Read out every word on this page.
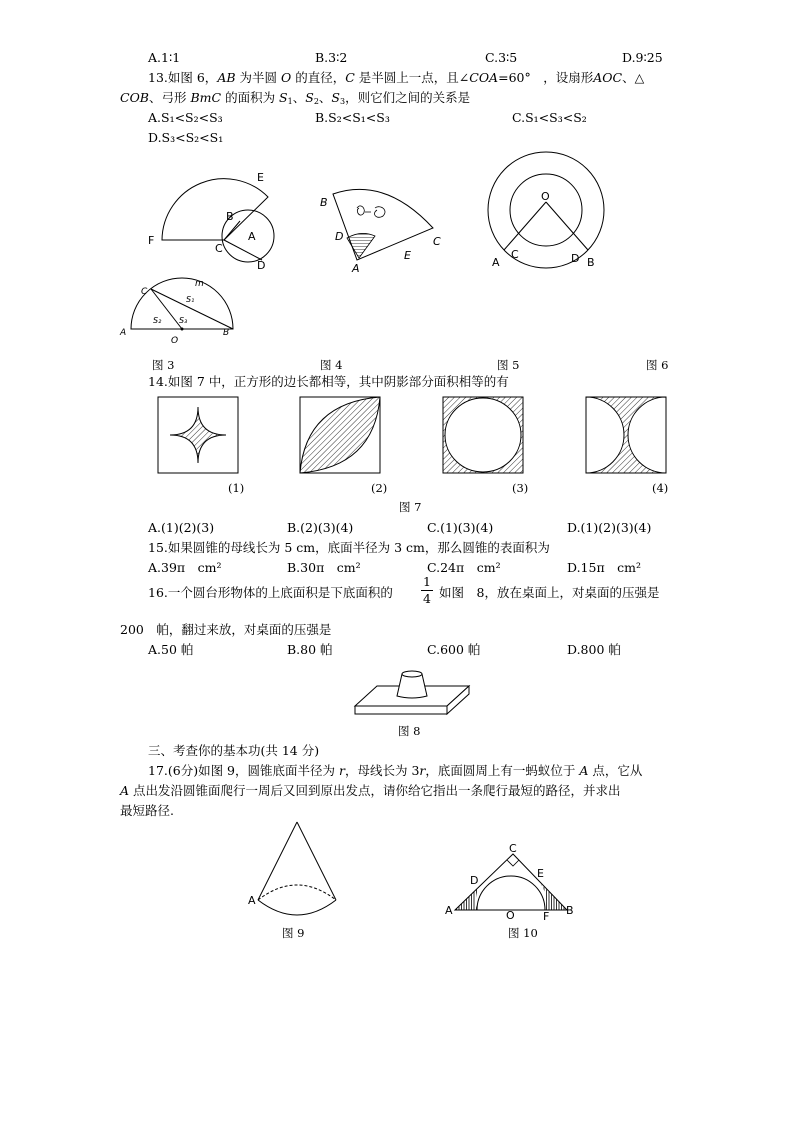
A.1∶1	B.3∶2	C.3∶5	D.9∶25
13.如图 6，AB 为半圆 O 的直径，C 是半圆上一点，且∠COA=60°　，设扇形AOC、△
COB、弓形 BmC 的面积为 $S_1$、$S_2$、$S_3$，则它们之间的关系是
A.S₁<S₂<S₃	B.S₂<S₁<S₃	C.S₁<S₃<S₂
D.S₃<S₂<S₁
E
B
F
C
A
D
B
D
A
E
C
O
A
C	D B
m
C
S₁
S₂ S₃
A
O
B
图 3	图 4	图 5	图 6
14.如图 7 中，正方形的边长都相等，其中阴影部分面积相等的有
(1)	(2)	(3)	(4)
图 7
A.(1)(2)(3)	B.(2)(3)(4)	C.(1)(3)(4)	D.(1)(2)(3)(4)
15.如果圆锥的母线长为 5 cm，底面半径为 3 cm，那么圆锥的表面积为
A.39π　cm²	B.30π　cm²	C.24π　cm²	D.15π　cm²
16.一个圆台形物体的上底面积是下底面积的
1
4 如图　8，放在桌面上，对桌面的压强是
200　帕，翻过来放，对桌面的压强是
A.50 帕	B.80 帕	C.600 帕	D.800 帕
图 8
三、考查你的基本功(共 14 分)
17.(6分)如图 9，圆锥底面半径为 r，母线长为 3r，底面圆周上有一蚂蚁位于 A 点，它从
A 点出发沿圆锥面爬行一周后又回到原出发点，请你给它指出一条爬行最短的路径，并求出
最短路径.
A
图 9
C
D
E
A	O	F B
图 10
